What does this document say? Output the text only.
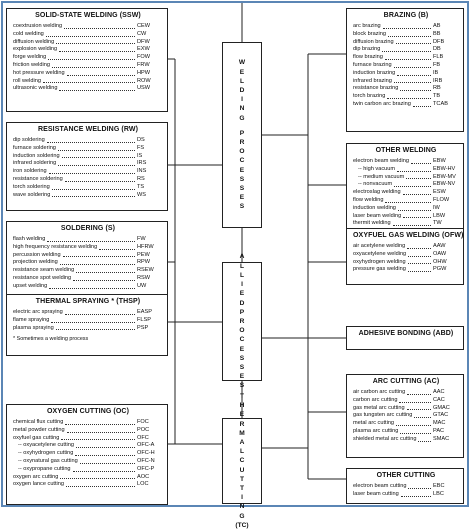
W
E
L
D
I
N
G
P
R
O
C
E
S
S
E
S
A
L
L
I
E
D
P
R
O
C
E
S
S
E
S
T
H
E
R
M
A
L
C
U
T
T
I
N
G
(TC)
SOLID-STATE WELDING (SSW)
coextrusion welding	CEW
cold welding	CW
diffusion welding	DFW
explosion welding	EXW
forge welding	FOW
friction welding	FRW
hot pressure welding	HPW
roll welding	ROW
ultrasonic welding	USW
RESISTANCE WELDING (RW)
dip soldering	DS
furnace soldering	FS
induction soldering	IS
infrared soldering	IRS
iron soldering	INS
resistance soldering	RS
torch soldering	TS
wave soldering	WS
SOLDERING (S)
flash welding	FW
high frequency resistance welding	HFRW
percussion welding	PEW
projection welding	RPW
resistance seam welding	RSEW
resistance spot welding	RSW
upset welding	UW
THERMAL SPRAYING * (THSP)
electric arc spraying	EASP
flame spraying	FLSP
plasma spraying	PSP
* Sometimes a welding process
OXYGEN CUTTING (OC)
chemical flux cutting	FOC
metal powder cutting	POC
oxyfuel gas cutting	OFC
-- oxyacetylene cutting	OFC-A
-- oxyhydrogen cutting	OFC-H
-- oxynatural gas cutting	OFC-N
-- oxypropane cutting	OFC-P
oxygen arc cutting	AOC
oxygen lance cutting	LOC
BRAZING (B)
arc brazing	AB
block brazing	BB
diffusion brazing	DFB
dip brazing	DB
flow brazing	FLB
furnace brazing	FB
induction brazing	IB
infrared brazing	IRB
resistance brazing	RB
torch brazing	TB
twin carbon arc brazing	TCAB
OTHER WELDING
electron beam welding	EBW
-- high vacuum	EBW-HV
-- medium vacuum	EBW-MV
-- nonvacuum	EBW-NV
electroslag welding	ESW
flow welding	FLOW
induction welding	IW
laser beam welding	LBW
thermit welding	TW
OXYFUEL GAS WELDING (OFW)
air acetylene welding	AAW
oxyacetylene welding	OAW
oxyhydrogen welding	OHW
pressure gas welding	PGW
ADHESIVE BONDING (ABD)
ARC CUTTING (AC)
air carbon arc cutting	AAC
carbon arc cutting	CAC
gas metal arc cutting	GMAC
gas tungsten arc cutting	GTAC
metal arc cutting	MAC
plasma arc cutting	PAC
shielded metal arc cutting	SMAC
OTHER CUTTING
electron beam cutting	EBC
laser beam cutting	LBC
